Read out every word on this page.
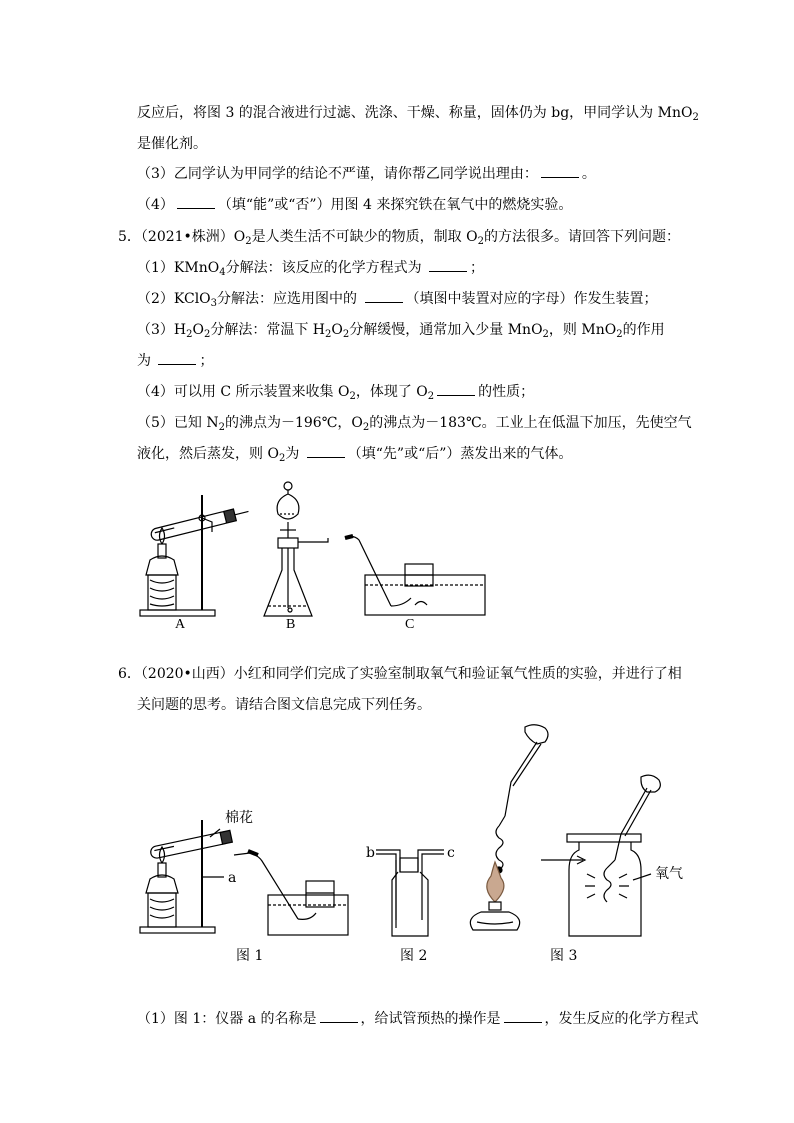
反应后，将图 3 的混合液进行过滤、洗涤、干燥、称量，固体仍为 bg，甲同学认为 MnO$_2$
是催化剂。
（3）乙同学认为甲同学的结论不严谨，请你帮乙同学说出理由：	。
（4）	（填“能”或“否”）用图 4 来探究铁在氧气中的燃烧实验。
5．（2021•株洲）$O_2$是人类生活不可缺少的物质，制取 $O_2$的方法很多。请回答下列问题：
（1）KMnO$_4$分解法：该反应的化学方程式为	；
（2）KClO$_3$分解法：应选用图中的	（填图中装置对应的字母）作发生装置；
$(3)H_2O_2$分解法：常温下 $H_2O_2$分解缓慢，通常加入少量 MnO$_2$，则 MnO$_2$的作用
为	；
（4）可以用 C 所示装置来收集 $O_2$，体现了 $O_2$	的性质；
（5）已知 $N_2$的沸点为－196℃，$O_2$的沸点为－183℃。工业上在低温下加压，先使空气
液化，然后蒸发，则 $O_2$为	（填“先”或“后”）蒸发出来的气体。
A	B	C
6．（2020•山西）小红和同学们完成了实验室制取氧气和验证氧气性质的实验，并进行了相
关问题的思考。请结合图文信息完成下列任务。
棉花
a
图 1
b	c
图 2
氧气
图 3
（1）图 1：仪器 a 的名称是	，给试管预热的操作是	，发生反应的化学方程式
